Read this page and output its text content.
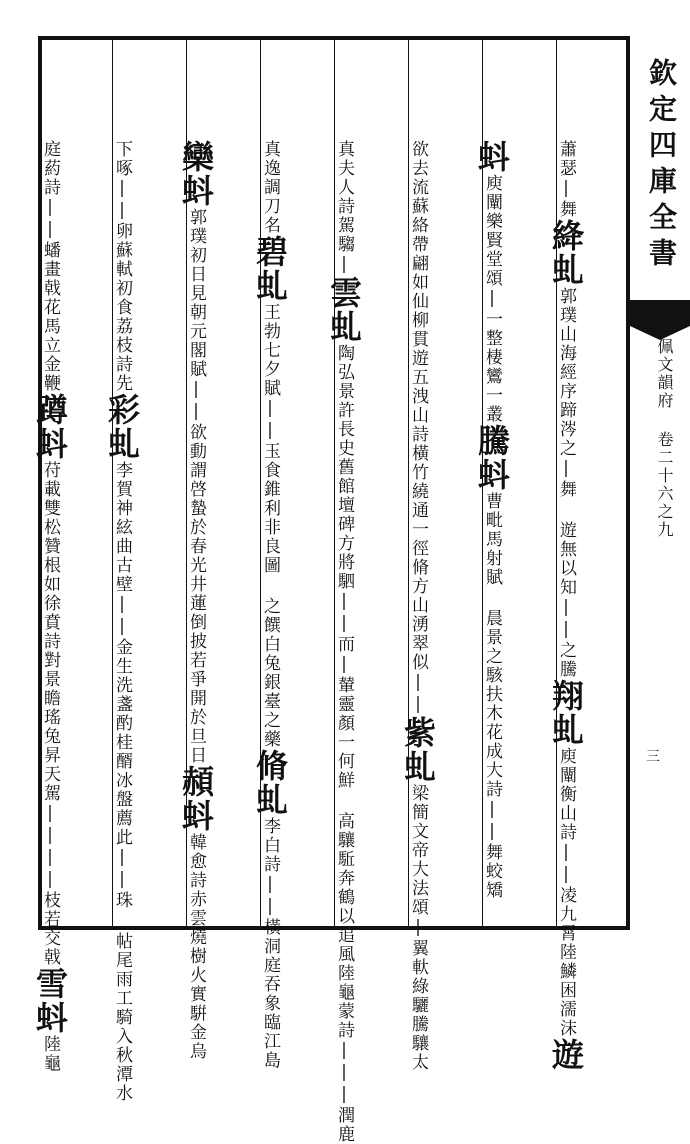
欽定四庫全書
佩文韻府 卷二十六之九
三

蕭瑟|舞絳虬郭璞山海經序蹄涔之|舞 遊無以知||之騰翔虬庾闡衡山詩||凌九霄陸鱗困濡沫遊

蚪庾闡樂賢堂頌|一整棲鸞一叢騰蚪曹毗馬射賦 晨景之駭扶木花成大詩||舞蛟矯

欲去流蘇絡帶翩如仙柳貫遊五洩山詩橫竹繞通一徑脩方山湧翠似||紫虬梁簡文帝大法頌|翼軑綠驪騰驤太

真夫人詩駕騶|雲虬陶弘景許長史舊館壇碑方將駟||而|輦靈顏一何鮮 高驤駈奔鶴以追風陸龜蒙詩|||潤鹿

真逸調刀名碧虬王勃七夕賦||玉食錐利非良圖 之饌白兔銀臺之藥脩虬李白詩||橫洞庭吞象臨江島

欒蚪郭璞初日見朝元閣賦||欲動謂啓蟄於春光井蓮倒披若爭開於旦日頳蚪韓愈詩赤雲燒樹火實騈金烏

下啄||卵蘇軾初食荔枝詩先彩虬李賀神絃曲古壁||金生洗盞酌桂醑冰盤薦此||珠 帖尾雨工騎入秋潭水

庭葯詩||蟠畫戟花馬立金鞭蹲蚪苻載雙松贊根如徐賁詩對景瞻瑤兔昇天駕||||枝若交戟雪蚪陸龜
